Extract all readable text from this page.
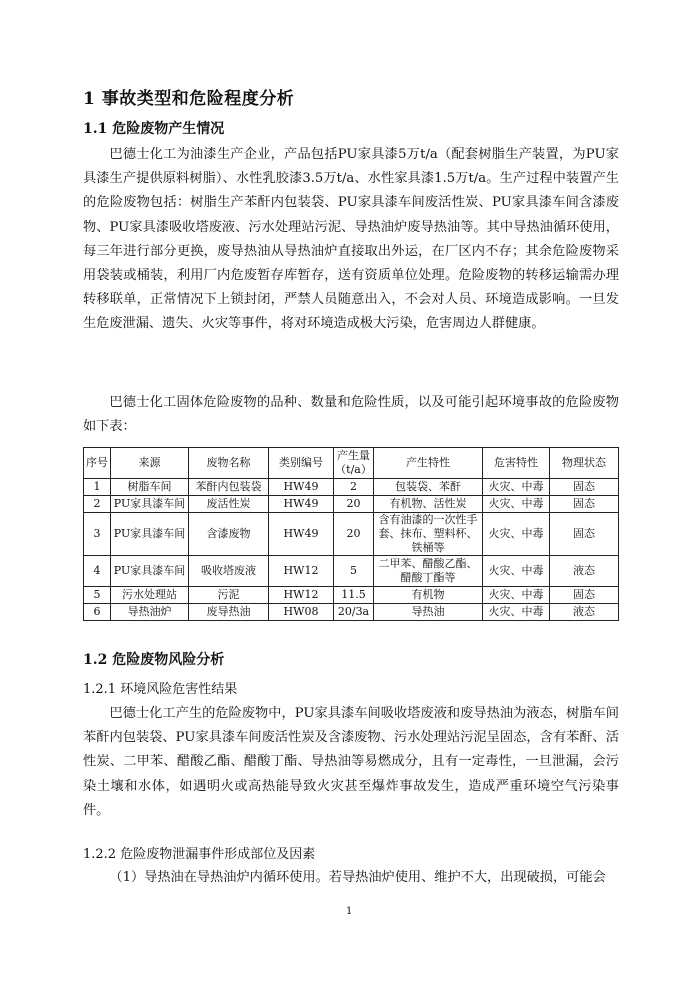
1 事故类型和危险程度分析
1.1 危险废物产生情况
巴德士化工为油漆生产企业，产品包括PU家具漆5万t/a（配套树脂生产装置，为PU家具漆生产提供原料树脂）、水性乳胶漆3.5万t/a、水性家具漆1.5万t/a。生产过程中装置产生的危险废物包括：树脂生产苯酐内包装袋、PU家具漆车间废活性炭、PU家具漆车间含漆废物、PU家具漆吸收塔废液、污水处理站污泥、导热油炉废导热油等。其中导热油循环使用，每三年进行部分更换，废导热油从导热油炉直接取出外运，在厂区内不存；其余危险废物采用袋装或桶装，利用厂内危废暂存库暂存，送有资质单位处理。危险废物的转移运输需办理转移联单，正常情况下上锁封闭，严禁人员随意出入，不会对人员、环境造成影响。一旦发生危废泄漏、遗失、火灾等事件，将对环境造成极大污染，危害周边人群健康。
巴德士化工固体危险废物的品种、数量和危险性质，以及可能引起环境事故的危险废物如下表：
序号	来源	废物名称	类别编号	产生量（t/a）	产生特性	危害特性	物理状态
1	树脂车间	苯酐内包装袋	HW49	2	包装袋、苯酐	火灾、中毒	固态
2	PU家具漆车间	废活性炭	HW49	20	有机物、活性炭	火灾、中毒	固态
3	PU家具漆车间	含漆废物	HW49	20	含有油漆的一次性手套、抹布、塑料杯、铁桶等	火灾、中毒	固态
4	PU家具漆车间	吸收塔废液	HW12	5	二甲苯、醋酸乙酯、醋酸丁酯等	火灾、中毒	液态
5	污水处理站	污泥	HW12	11.5	有机物	火灾、中毒	固态
6	导热油炉	废导热油	HW08	20/3a	导热油	火灾、中毒	液态
1.2 危险废物风险分析
1.2.1 环境风险危害性结果
巴德士化工产生的危险废物中，PU家具漆车间吸收塔废液和废导热油为液态，树脂车间苯酐内包装袋、PU家具漆车间废活性炭及含漆废物、污水处理站污泥呈固态，含有苯酐、活性炭、二甲苯、醋酸乙酯、醋酸丁酯、导热油等易燃成分，且有一定毒性，一旦泄漏，会污染土壤和水体，如遇明火或高热能导致火灾甚至爆炸事故发生，造成严重环境空气污染事件。
1.2.2 危险废物泄漏事件形成部位及因素
（1）导热油在导热油炉内循环使用。若导热油炉使用、维护不大，出现破损，可能会
1
